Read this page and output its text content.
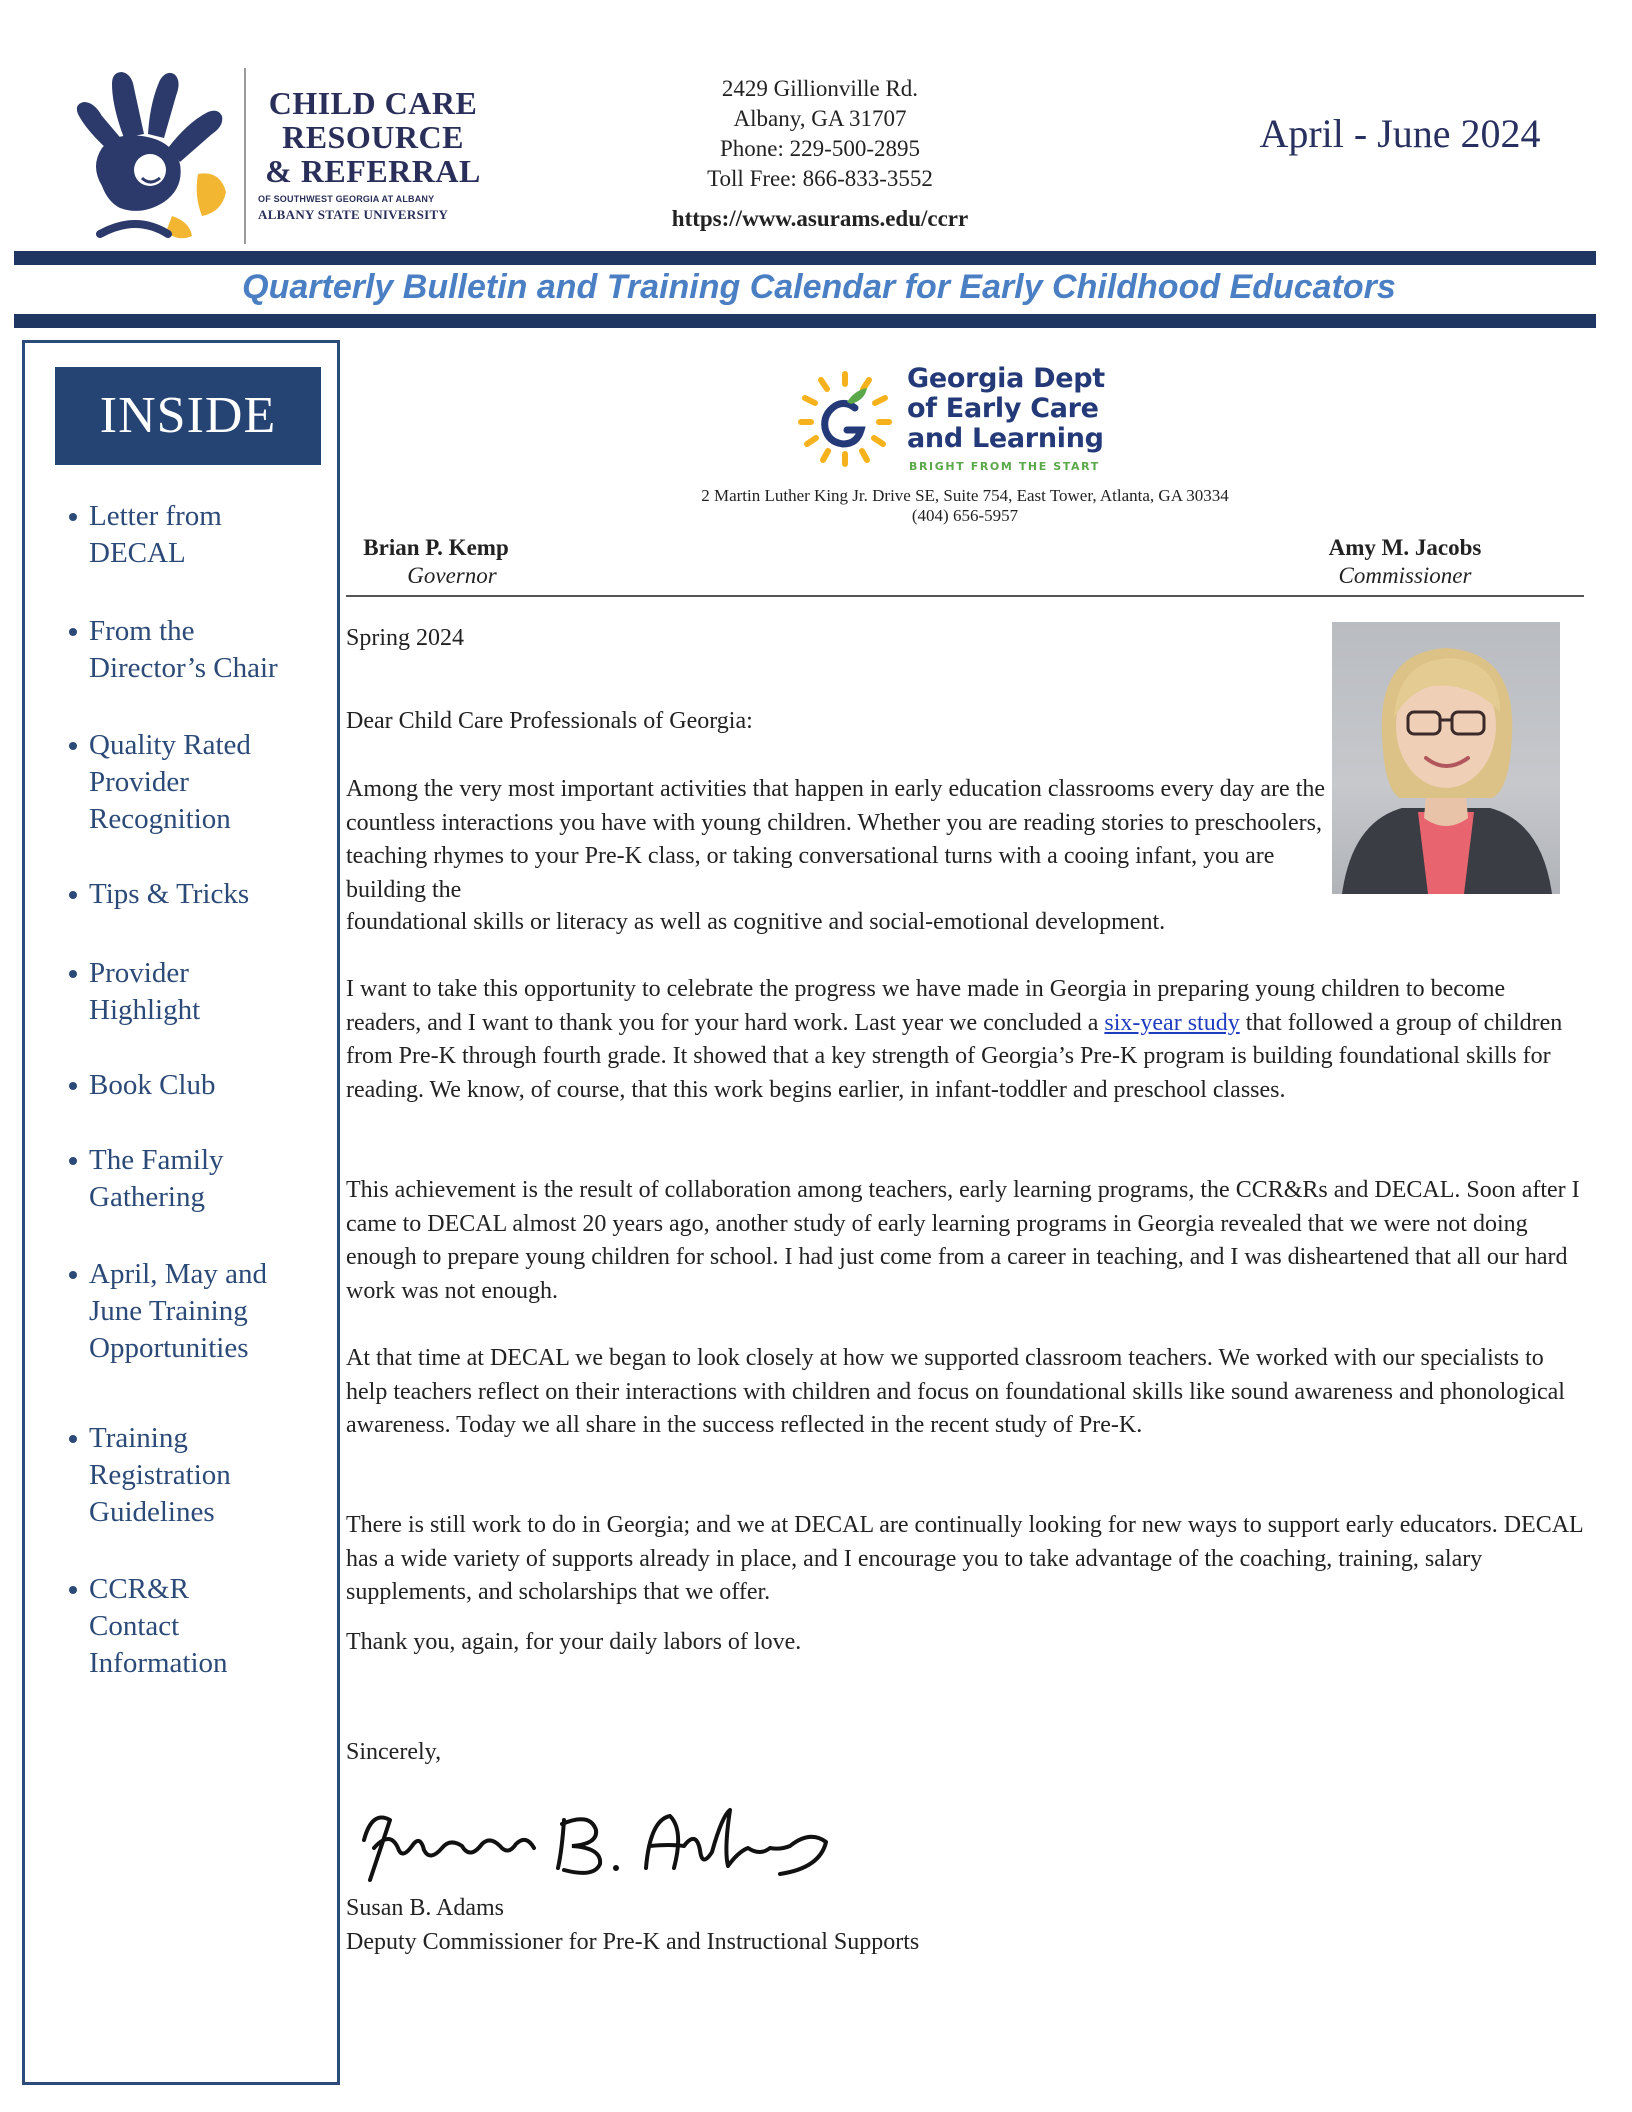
CHILD CARE
RESOURCE
& REFERRAL
OF SOUTHWEST GEORGIA AT ALBANY
ALBANY STATE UNIVERSITY
2429 Gillionville Rd.
Albany, GA 31707
Phone: 229-500-2895
Toll Free: 866-833-3552
https://www.asurams.edu/ccrr
April - June 2024
Quarterly Bulletin and Training Calendar for Early Childhood Educators
INSIDE
Letter from
DECAL
From the
Director’s Chair
Quality Rated
Provider
Recognition
Tips & Tricks
Provider
Highlight
Book Club
The Family
Gathering
April, May and
June Training
Opportunities
Training
Registration
Guidelines
CCR&R
Contact
Information
Georgia Dept
of Early Care
and Learning
BRIGHT FROM THE START
2 Martin Luther King Jr. Drive SE, Suite 754, East Tower, Atlanta, GA 30334
(404) 656-5957
Brian P. Kemp
Governor
Amy M. Jacobs
Commissioner
Spring 2024
Dear Child Care Professionals of Georgia:
Among the very most important activities that happen in early education classrooms every day are the countless interactions you have with young children. Whether you are reading stories to preschoolers, teaching rhymes to your Pre-K class, or taking conversational turns with a cooing infant, you are building the
foundational skills or literacy as well as cognitive and social-emotional development.
I want to take this opportunity to celebrate the progress we have made in Georgia in preparing young children to become readers, and I want to thank you for your hard work. Last year we concluded a six-year study that followed a group of children from Pre-K through fourth grade. It showed that a key strength of Georgia’s Pre-K program is building foundational skills for reading. We know, of course, that this work begins earlier, in infant-toddler and preschool classes.
This achievement is the result of collaboration among teachers, early learning programs, the CCR&Rs and DECAL. Soon after I came to DECAL almost 20 years ago, another study of early learning programs in Georgia revealed that we were not doing enough to prepare young children for school. I had just come from a career in teaching, and I was disheartened that all our hard work was not enough.
At that time at DECAL we began to look closely at how we supported classroom teachers. We worked with our specialists to help teachers reflect on their interactions with children and focus on foundational skills like sound awareness and phonological awareness. Today we all share in the success reflected in the recent study of Pre-K.
There is still work to do in Georgia; and we at DECAL are continually looking for new ways to support early educators. DECAL has a wide variety of supports already in place, and I encourage you to take advantage of the coaching, training, salary supplements, and scholarships that we offer.
Thank you, again, for your daily labors of love.
Sincerely,
Susan B. Adams
Deputy Commissioner for Pre-K and Instructional Supports
